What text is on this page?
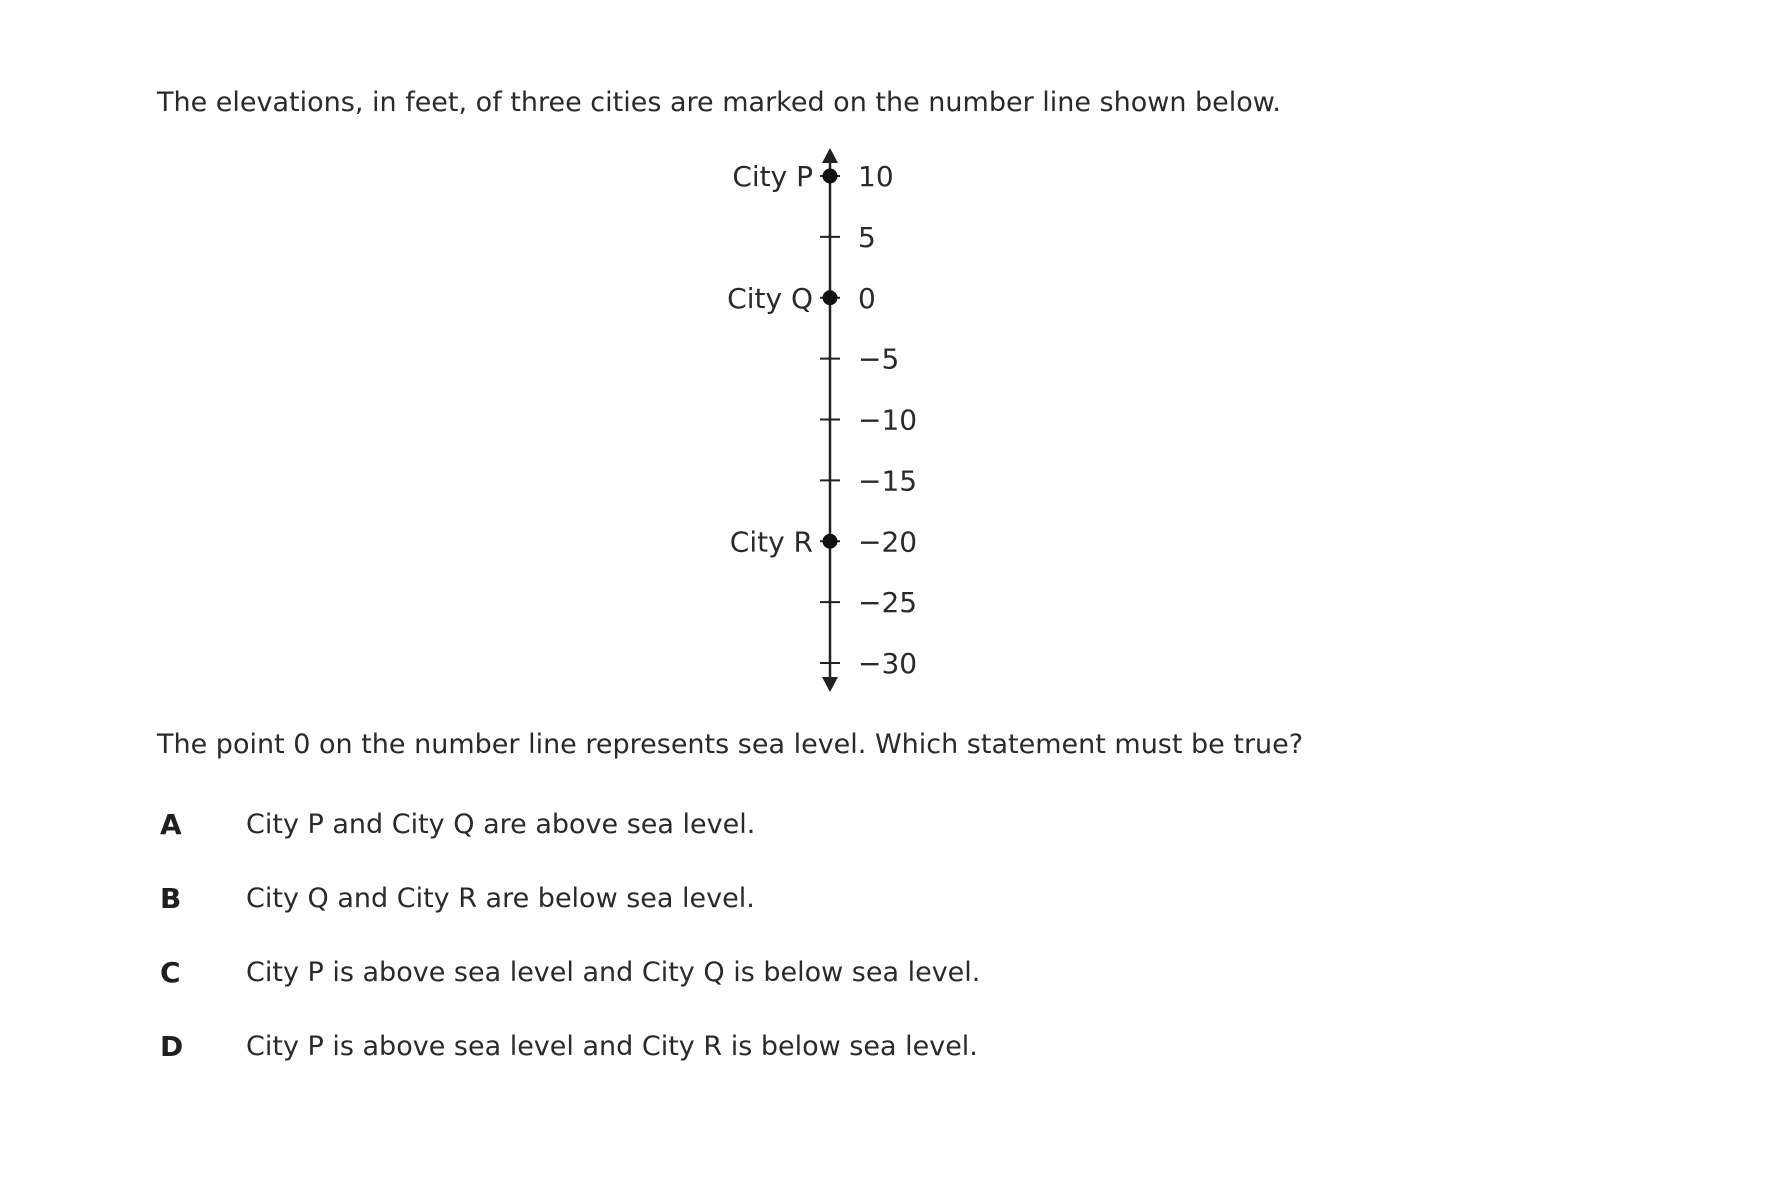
The elevations, in feet, of three cities are marked on the number line shown below.
10
5
0
−5
−10
−15
−20
−25
−30
City P
City Q
City R
The point 0 on the number line represents sea level. Which statement must be true?
A City P and City Q are above sea level.
B City Q and City R are below sea level.
C City P is above sea level and City Q is below sea level.
D City P is above sea level and City R is below sea level.
